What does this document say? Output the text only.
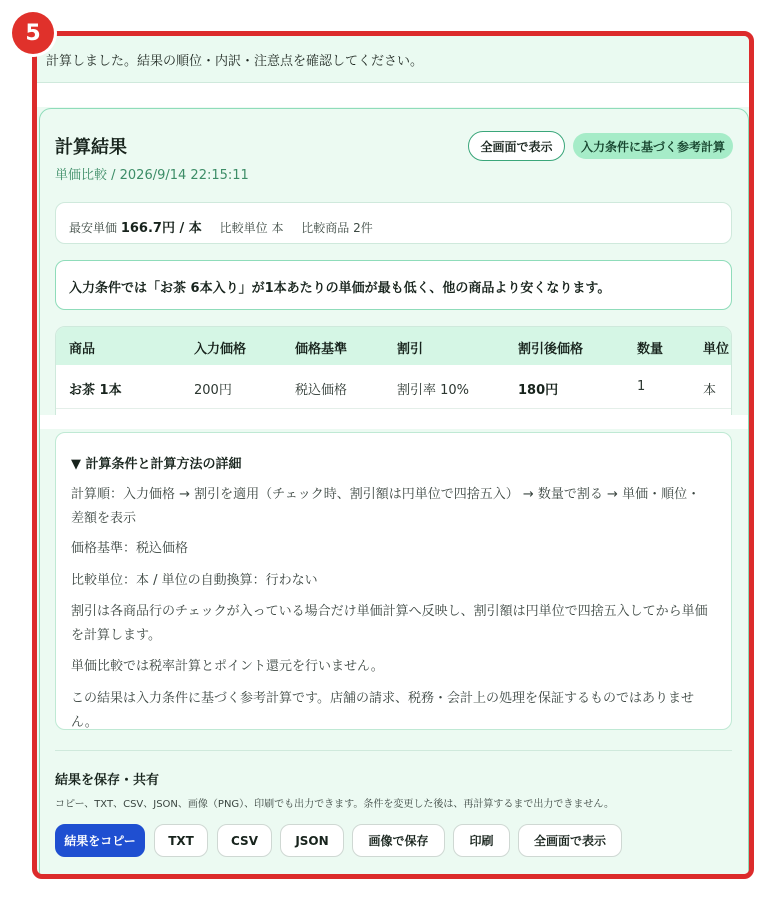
5
計算しました。結果の順位・内訳・注意点を確認してください。
計算結果
単価比較 / 2026/9/14 22:15:11
全画面で表示	入力条件に基づく参考計算
最安単価 166.7円 / 本 比較単位 本 比較商品 2件
入力条件では「お茶 6本入り」が1本あたりの単価が最も低く、他の商品より安くなります。
商品	入力価格	価格基準	割引	割引後価格	数量	単位
お茶 1本	200円	税込価格	割引率 10%	180円	1	本
▼ 計算条件と計算方法の詳細
計算順：入力価格 → 割引を適用（チェック時、割引額は円単位で四捨五入） → 数量で割る → 単価・順位・差額を表示
価格基準：税込価格
比較単位：本 / 単位の自動換算：行わない
割引は各商品行のチェックが入っている場合だけ単価計算へ反映し、割引額は円単位で四捨五入してから単価を計算します。
単価比較では税率計算とポイント還元を行いません。
この結果は入力条件に基づく参考計算です。店舗の請求、税務・会計上の処理を保証するものではありません。
結果を保存・共有
コピー、TXT、CSV、JSON、画像（PNG）、印刷でも出力できます。条件を変更した後は、再計算するまで出力できません。
結果をコピー	TXT	CSV	JSON	画像で保存	印刷	全画面で表示
